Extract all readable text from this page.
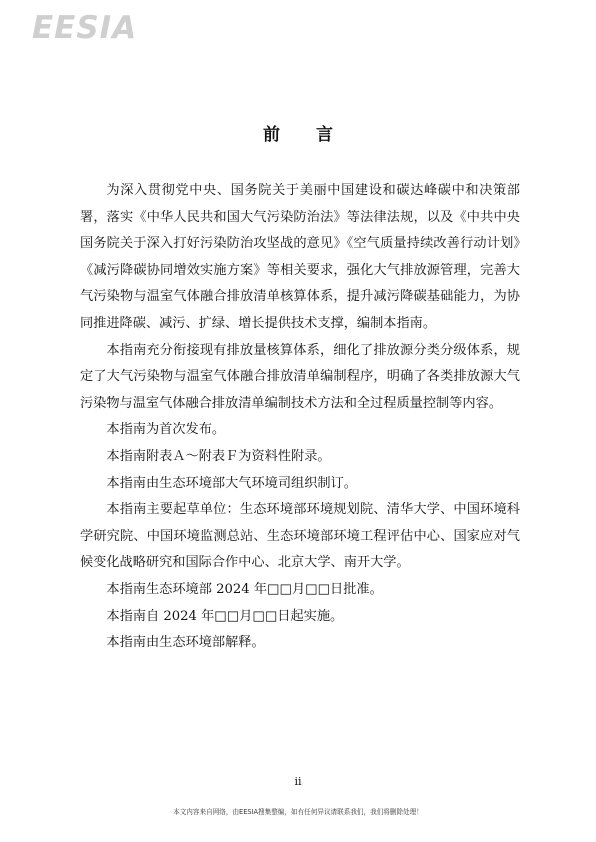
EESIA
前 言

为深入贯彻党中央、国务院关于美丽中国建设和碳达峰碳中和决策部署，落实《中华人民共和国大气污染防治法》等法律法规，以及《中共中央 国务院关于深入打好污染防治攻坚战的意见》《空气质量持续改善行动计划》《减污降碳协同增效实施方案》等相关要求，强化大气排放源管理，完善大气污染物与温室气体融合排放清单核算体系，提升减污降碳基础能力，为协同推进降碳、减污、扩绿、增长提供技术支撑，编制本指南。

本指南充分衔接现有排放量核算体系，细化了排放源分类分级体系，规定了大气污染物与温室气体融合排放清单编制程序，明确了各类排放源大气污染物与温室气体融合排放清单编制技术方法和全过程质量控制等内容。

本指南为首次发布。

本指南附表Ａ～附表Ｆ为资料性附录。

本指南由生态环境部大气环境司组织制订。

本指南主要起草单位：生态环境部环境规划院、清华大学、中国环境科学研究院、中国环境监测总站、生态环境部环境工程评估中心、国家应对气候变化战略研究和国际合作中心、北京大学、南开大学。

本指南生态环境部 2024 年□□月□□日批准。

本指南自 2024 年□□月□□日起实施。

本指南由生态环境部解释。

ii
本文内容来自网络，由EESIA搜集整编，如有任何异议请联系我们，我们将删除处理！
